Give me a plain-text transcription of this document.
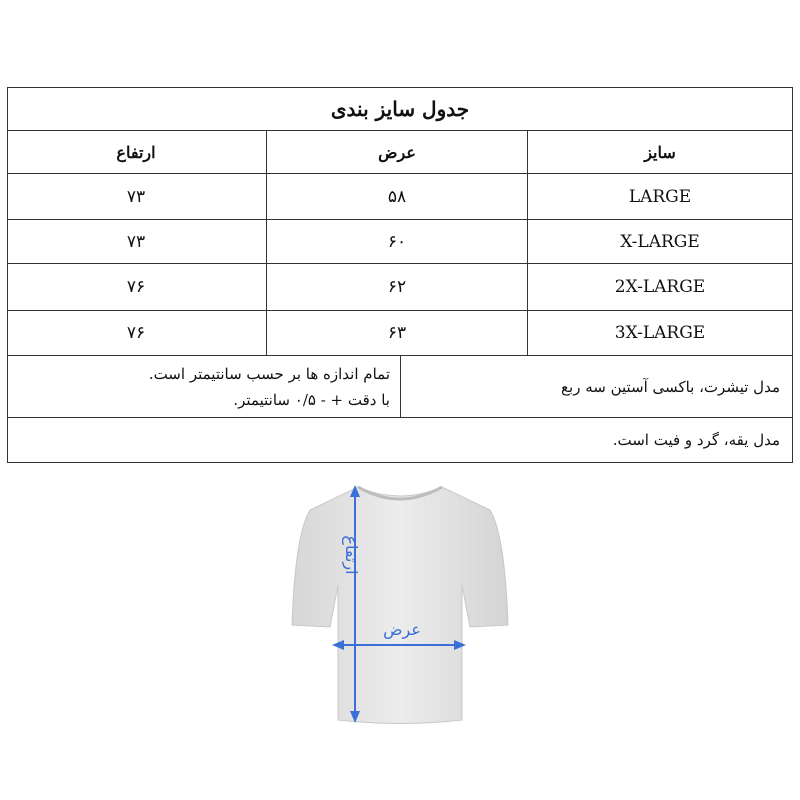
جدول سایز بندی
سایز
عرض
ارتفاع
LARGE
۵۸
۷۳
X-LARGE
۶۰
۷۳
2X-LARGE
۶۲
۷۶
3X-LARGE
۶۳
۷۶
مدل تیشرت، باکسی آستین سه ربع
تمام اندازه ها بر حسب سانتیمتر است.
با دقت + - ۰/۵ سانتیمتر.
مدل یقه، گرد و فیت است.
ارتفاع
عرض
